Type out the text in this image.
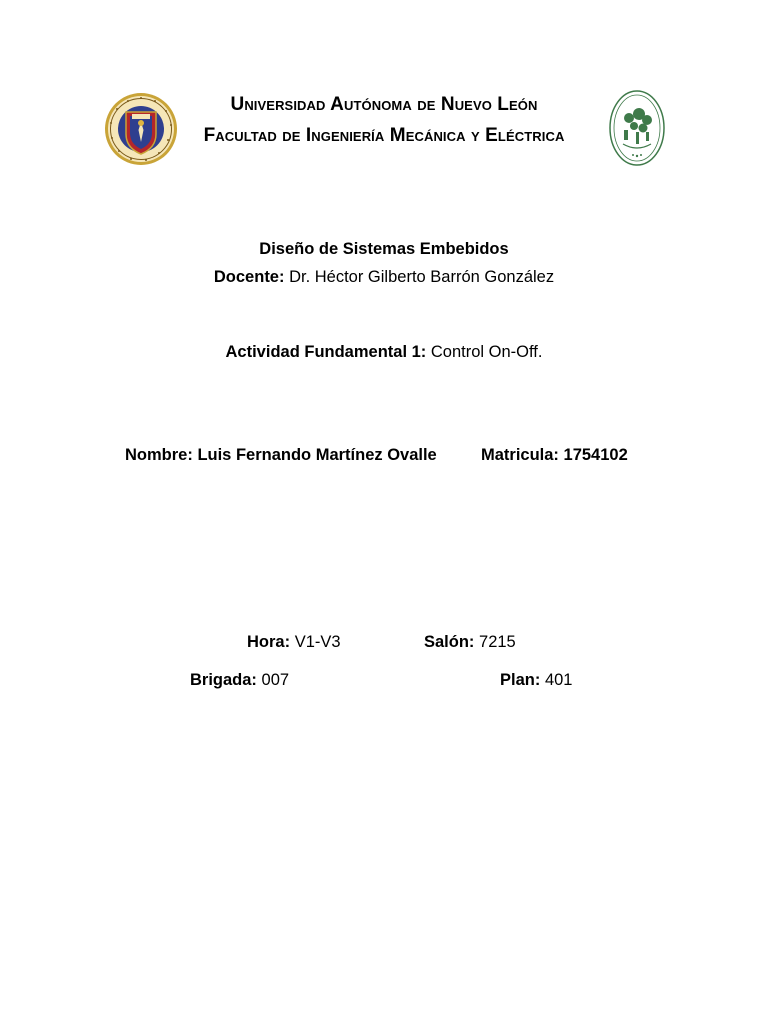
Universidad Autónoma de Nuevo León
Facultad de Ingeniería Mecánica y Eléctrica
Diseño de Sistemas Embebidos
Docente: Dr. Héctor Gilberto Barrón González
Actividad Fundamental 1: Control On-Off.
Nombre: Luis Fernando Martínez Ovalle	Matricula: 1754102
Hora: V1-V3	Salón: 7215
Brigada: 007	Plan: 401
